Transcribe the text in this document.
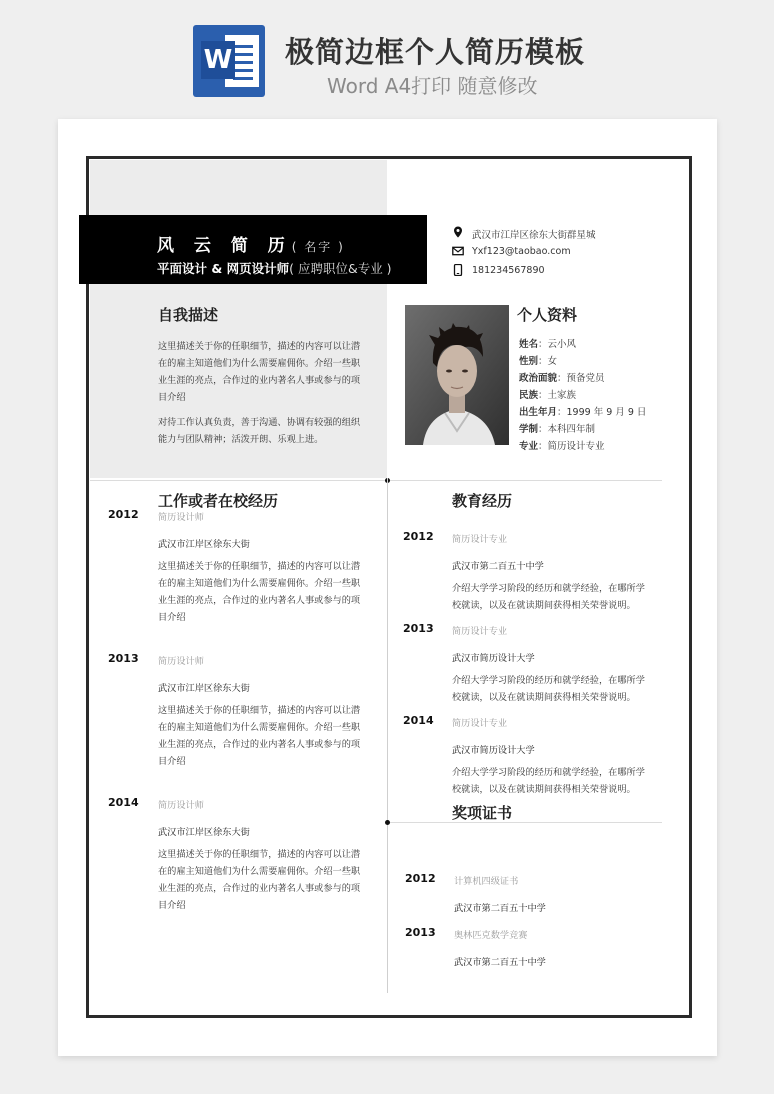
W 极简边框个人简历模板
Word A4打印 随意修改
风 云 简 历( 名字 )
平面设计 & 网页设计师( 应聘职位&专业 )
武汉市江岸区徐东大街群星城
Yxf123@taobao.com
181234567890
自我描述
这里描述关于你的任职细节，描述的内容可以让潜在的雇主知道他们为什么需要雇佣你。介绍一些职业生涯的亮点，合作过的业内著名人事或参与的项目介绍
对待工作认真负责，善于沟通、协调有较强的组织能力与团队精神；活泼开朗、乐观上进。
个人资料
姓名：云小风
性别：女
政治面貌：预备党员
民族：土家族
出生年月：1999 年 9 月 9 日
学制：本科四年制
专业：简历设计专业
工作或者在校经历
2012 简历设计师
武汉市江岸区徐东大街
这里描述关于你的任职细节，描述的内容可以让潜在的雇主知道他们为什么需要雇佣你。介绍一些职业生涯的亮点，合作过的业内著名人事或参与的项目介绍
2013 简历设计师
武汉市江岸区徐东大街
这里描述关于你的任职细节，描述的内容可以让潜在的雇主知道他们为什么需要雇佣你。介绍一些职业生涯的亮点，合作过的业内著名人事或参与的项目介绍
2014 简历设计师
武汉市江岸区徐东大街
这里描述关于你的任职细节，描述的内容可以让潜在的雇主知道他们为什么需要雇佣你。介绍一些职业生涯的亮点，合作过的业内著名人事或参与的项目介绍
教育经历
2012 简历设计专业
武汉市第二百五十中学
介绍大学学习阶段的经历和就学经验，在哪所学校就读，以及在就读期间获得相关荣誉说明。
2013 简历设计专业
武汉市简历设计大学
介绍大学学习阶段的经历和就学经验，在哪所学校就读，以及在就读期间获得相关荣誉说明。
2014 简历设计专业
武汉市简历设计大学
介绍大学学习阶段的经历和就学经验，在哪所学校就读，以及在就读期间获得相关荣誉说明。
奖项证书
2012 计算机四级证书
武汉市第二百五十中学
2013 奥林匹克数学竞赛
武汉市第二百五十中学
